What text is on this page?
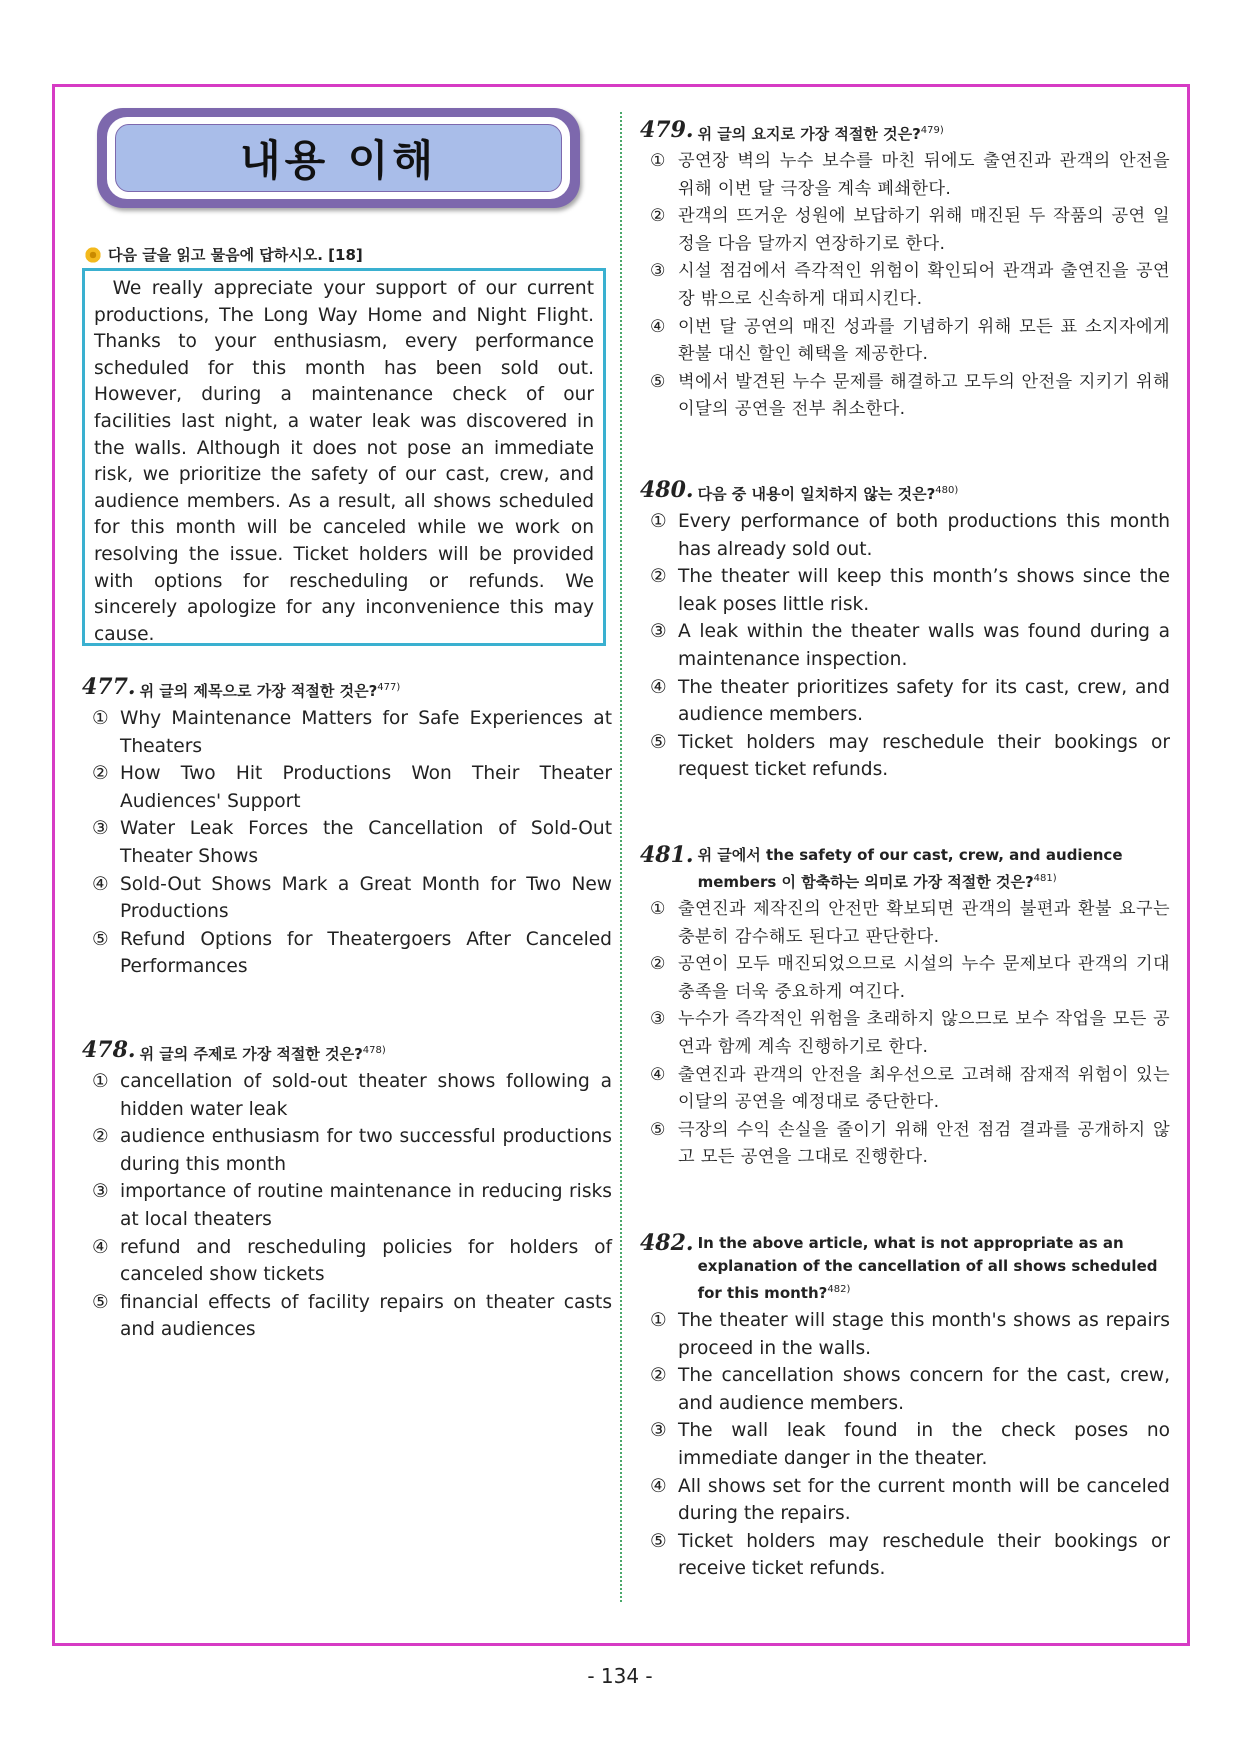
내용 이해
다음 글을 읽고 물음에 답하시오. [18]

We really appreciate your support of our current productions, The Long Way Home and Night Flight. Thanks to your enthusiasm, every performance scheduled for this month has been sold out. However, during a maintenance check of our facilities last night, a water leak was discovered in the walls. Although it does not pose an immediate risk, we prioritize the safety of our cast, crew, and audience members. As a result, all shows scheduled for this month will be canceled while we work on resolving the issue. Ticket holders will be provided with options for rescheduling or refunds. We sincerely apologize for any inconvenience this may cause.

477. 위 글의 제목으로 가장 적절한 것은?$^{477)}$
① Why Maintenance Matters for Safe Experiences at Theaters
② How Two Hit Productions Won Their Theater Audiences' Support
③ Water Leak Forces the Cancellation of Sold-Out Theater Shows
④ Sold-Out Shows Mark a Great Month for Two New Productions
⑤ Refund Options for Theatergoers After Canceled Performances
478. 위 글의 주제로 가장 적절한 것은?$^{478)}$
① cancellation of sold-out theater shows following a hidden water leak
② audience enthusiasm for two successful productions during this month
③ importance of routine maintenance in reducing risks at local theaters
④ refund and rescheduling policies for holders of canceled show tickets
⑤ financial effects of facility repairs on theater casts and audiences
479. 위 글의 요지로 가장 적절한 것은?$^{479)}$
① 공연장 벽의 누수 보수를 마친 뒤에도 출연진과 관객의 안전을 위해 이번 달 극장을 계속 폐쇄한다.
② 관객의 뜨거운 성원에 보답하기 위해 매진된 두 작품의 공연 일정을 다음 달까지 연장하기로 한다.
③ 시설 점검에서 즉각적인 위험이 확인되어 관객과 출연진을 공연장 밖으로 신속하게 대피시킨다.
④ 이번 달 공연의 매진 성과를 기념하기 위해 모든 표 소지자에게 환불 대신 할인 혜택을 제공한다.
⑤ 벽에서 발견된 누수 문제를 해결하고 모두의 안전을 지키기 위해 이달의 공연을 전부 취소한다.
480. 다음 중 내용이 일치하지 않는 것은?$^{480)}$
① Every performance of both productions this month has already sold out.
② The theater will keep this month’s shows since the leak poses little risk.
③ A leak within the theater walls was found during a maintenance inspection.
④ The theater prioritizes safety for its cast, crew, and audience members.
⑤ Ticket holders may reschedule their bookings or request ticket refunds.
481. 위 글에서 the safety of our cast, crew, and audience members 이 함축하는 의미로 가장 적절한 것은?$^{481)}$
① 출연진과 제작진의 안전만 확보되면 관객의 불편과 환불 요구는 충분히 감수해도 된다고 판단한다.
② 공연이 모두 매진되었으므로 시설의 누수 문제보다 관객의 기대 충족을 더욱 중요하게 여긴다.
③ 누수가 즉각적인 위험을 초래하지 않으므로 보수 작업을 모든 공연과 함께 계속 진행하기로 한다.
④ 출연진과 관객의 안전을 최우선으로 고려해 잠재적 위험이 있는 이달의 공연을 예정대로 중단한다.
⑤ 극장의 수익 손실을 줄이기 위해 안전 점검 결과를 공개하지 않고 모든 공연을 그대로 진행한다.
482. In the above article, what is not appropriate as an explanation of the cancellation of all shows scheduled for this month?$^{482)}$
① The theater will stage this month's shows as repairs proceed in the walls.
② The cancellation shows concern for the cast, crew, and audience members.
③ The wall leak found in the check poses no immediate danger in the theater.
④ All shows set for the current month will be canceled during the repairs.
⑤ Ticket holders may reschedule their bookings or receive ticket refunds.
- 134 -
